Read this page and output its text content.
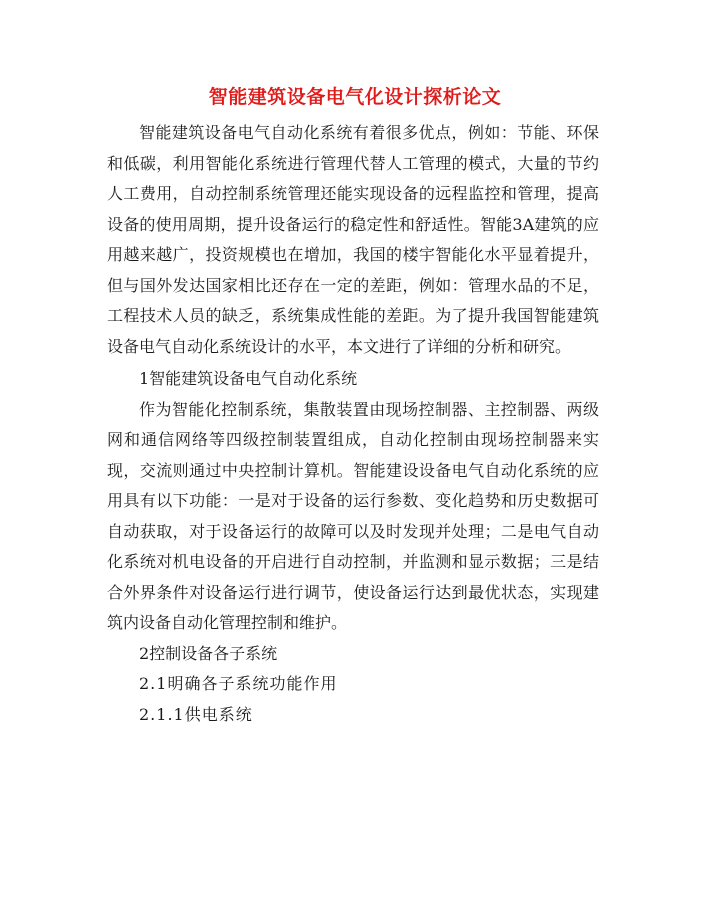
智能建筑设备电气化设计探析论文

智能建筑设备电气自动化系统有着很多优点，例如：节能、环保和低碳，利用智能化系统进行管理代替人工管理的模式，大量的节约人工费用，自动控制系统管理还能实现设备的远程监控和管理，提高设备的使用周期，提升设备运行的稳定性和舒适性。智能3A建筑的应用越来越广，投资规模也在增加，我国的楼宇智能化水平显着提升，但与国外发达国家相比还存在一定的差距，例如：管理水品的不足，工程技术人员的缺乏，系统集成性能的差距。为了提升我国智能建筑设备电气自动化系统设计的水平，本文进行了详细的分析和研究。

1智能建筑设备电气自动化系统

作为智能化控制系统，集散装置由现场控制器、主控制器、两级网和通信网络等四级控制装置组成，自动化控制由现场控制器来实现，交流则通过中央控制计算机。智能建设设备电气自动化系统的应用具有以下功能：一是对于设备的运行参数、变化趋势和历史数据可自动获取，对于设备运行的故障可以及时发现并处理；二是电气自动化系统对机电设备的开启进行自动控制，并监测和显示数据；三是结合外界条件对设备运行进行调节，使设备运行达到最优状态，实现建筑内设备自动化管理控制和维护。

2控制设备各子系统

2.1明确各子系统功能作用

2.1.1供电系统
